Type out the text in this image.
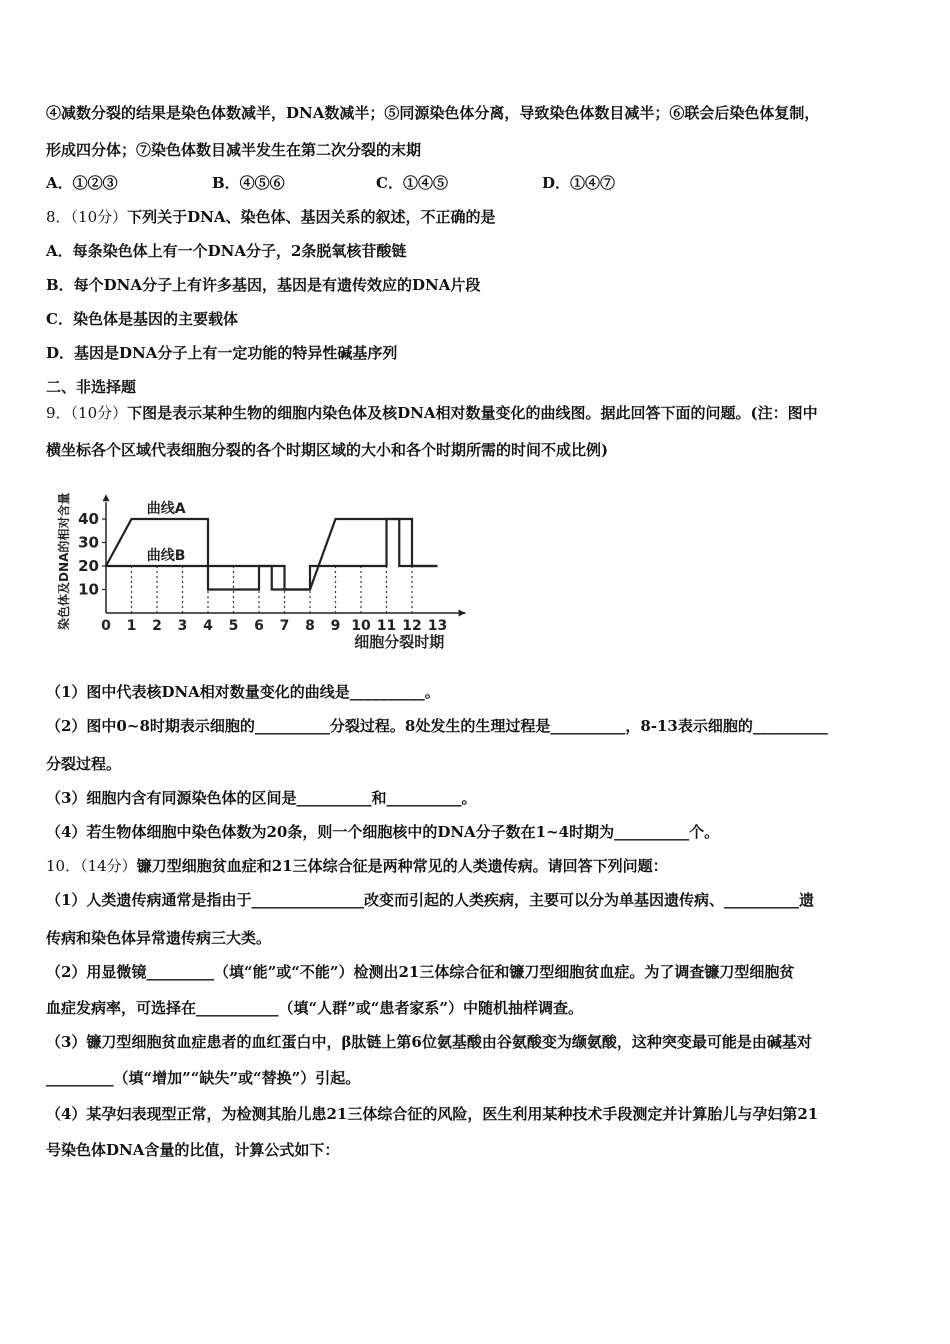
④减数分裂的结果是染色体数减半，DNA数减半；⑤同源染色体分离，导致染色体数目减半；⑥联会后染色体复制，
形成四分体；⑦染色体数目减半发生在第二次分裂的末期
A．①②③	B．④⑤⑥	C．①④⑤	D．①④⑦
8．（10分）下列关于DNA、染色体、基因关系的叙述，不正确的是
A．每条染色体上有一个DNA分子，2条脱氧核苷酸链
B．每个DNA分子上有许多基因，基因是有遗传效应的DNA片段
C．染色体是基因的主要载体
D．基因是DNA分子上有一定功能的特异性碱基序列
二、非选择题
9．（10分）下图是表示某种生物的细胞内染色体及核DNA相对数量变化的曲线图。据此回答下面的问题。(注：图中
横坐标各个区域代表细胞分裂的各个时期区域的大小和各个时期所需的时间不成比例)
10
20
30
40
0 1 2 3 4 5 6 7 8 9 10 11 12 13
曲线A
曲线B
染色体及DNA的相对含量
细胞分裂时期
（1）图中代表核DNA相对数量变化的曲线是__________。
（2）图中0~8时期表示细胞的__________分裂过程。8处发生的生理过程是__________，8-13表示细胞的__________
分裂过程。
（3）细胞内含有同源染色体的区间是__________和__________。
（4）若生物体细胞中染色体数为20条，则一个细胞核中的DNA分子数在1~4时期为__________个。
10．（14分）镰刀型细胞贫血症和21三体综合征是两种常见的人类遗传病。请回答下列问题：
（1）人类遗传病通常是指由于_______________改变而引起的人类疾病，主要可以分为单基因遗传病、__________遗
传病和染色体异常遗传病三大类。
（2）用显微镜_________（填“能”或“不能”）检测出21三体综合征和镰刀型细胞贫血症。为了调查镰刀型细胞贫
血症发病率，可选择在___________（填“人群”或“患者家系”）中随机抽样调查。
（3）镰刀型细胞贫血症患者的血红蛋白中，β肽链上第6位氨基酸由谷氨酸变为缬氨酸，这种突变最可能是由碱基对
_________（填“增加”“缺失”或“替换”）引起。
（4）某孕妇表现型正常，为检测其胎儿患21三体综合征的风险，医生利用某种技术手段测定并计算胎儿与孕妇第21
号染色体DNA含量的比值，计算公式如下：
